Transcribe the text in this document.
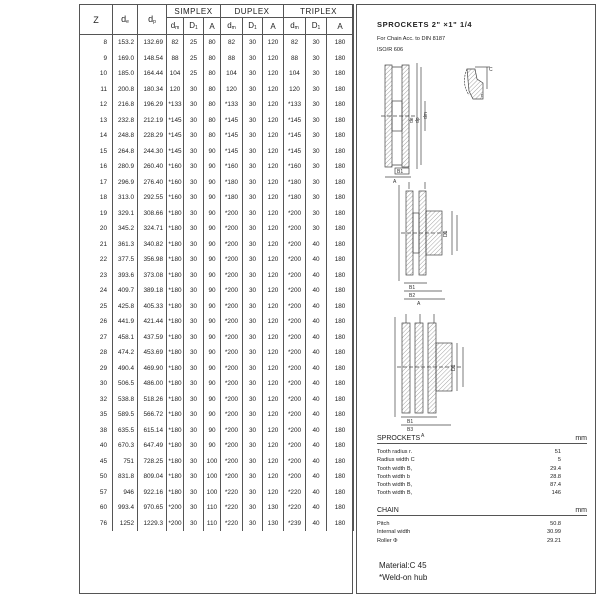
Z	$d_e$	$d_p$	SIMPLEX			DUPLEX			TRIPLEX		
			$d_m$	$D_1$	A	$d_m$	$D_1$	A	$d_m$	$D_1$	A
8	153.2	132.69	82	25	80	82	30	120	82	30	180
9	169.0	148.54	88	25	80	88	30	120	88	30	180
10	185.0	164.44	104	25	80	104	30	120	104	30	180
11	200.8	180.34	120	30	80	120	30	120	120	30	180
12	216.8	196.29	*133	30	80	*133	30	120	*133	30	180
13	232.8	212.19	*145	30	80	*145	30	120	*145	30	180
14	248.8	228.29	*145	30	80	*145	30	120	*145	30	180
15	264.8	244.30	*145	30	90	*145	30	120	*145	30	180
16	280.9	260.40	*160	30	90	*160	30	120	*160	30	180
17	296.9	276.40	*160	30	90	*180	30	120	*180	30	180
18	313.0	292.55	*160	30	90	*180	30	120	*180	30	180
19	329.1	308.66	*180	30	90	*200	30	120	*200	30	180
20	345.2	324.71	*180	30	90	*200	30	120	*200	30	180
21	361.3	340.82	*180	30	90	*200	30	120	*200	40	180
22	377.5	356.98	*180	30	90	*200	30	120	*200	40	180
23	393.6	373.08	*180	30	90	*200	30	120	*200	40	180
24	409.7	389.18	*180	30	90	*200	30	120	*200	40	180
25	425.8	405.33	*180	30	90	*200	30	120	*200	40	180
26	441.9	421.44	*180	30	90	*200	30	120	*200	40	180
27	458.1	437.59	*180	30	90	*200	30	120	*200	40	180
28	474.2	453.69	*180	30	90	*200	30	120	*200	40	180
29	490.4	469.90	*180	30	90	*200	30	120	*200	40	180
30	506.5	486.00	*180	30	90	*200	30	120	*200	40	180
32	538.8	518.26	*180	30	90	*200	30	120	*200	40	180
35	589.5	566.72	*180	30	90	*200	30	120	*200	40	180
38	635.5	615.14	*180	30	90	*200	30	120	*200	40	180
40	670.3	647.49	*180	30	90	*200	30	120	*200	40	180
45	751	728.25	*180	30	100	*200	30	120	*200	40	180
50	831.8	809.04	*180	30	100	*200	30	120	*200	40	180
57	946	922.16	*180	30	100	*220	30	120	*220	40	180
60	993.4	970.65	*200	30	110	*220	30	130	*220	40	180
76	1252	1229.3	*200	30	110	*220	30	130	*239	40	180
SPROCKETS 2" ×1" 1/4
For Chain Acc. to DIN 8187
ISO/R 606
C
r
de dp
dm
B1
A
D1
B1
B2
A
D1
B1
B3
A
SPROCKETS	mm
Tooth radius r.	51
Radius width C	5
Tooth width B,	29.4
Tooth width b	28.8
Tooth width B,	87.4
Tooth width B,	146
CHAIN	mm
Pitch	50.8
Internal width	30.99
Roller Φ	29.21
Material:C 45
*Weld-on hub
